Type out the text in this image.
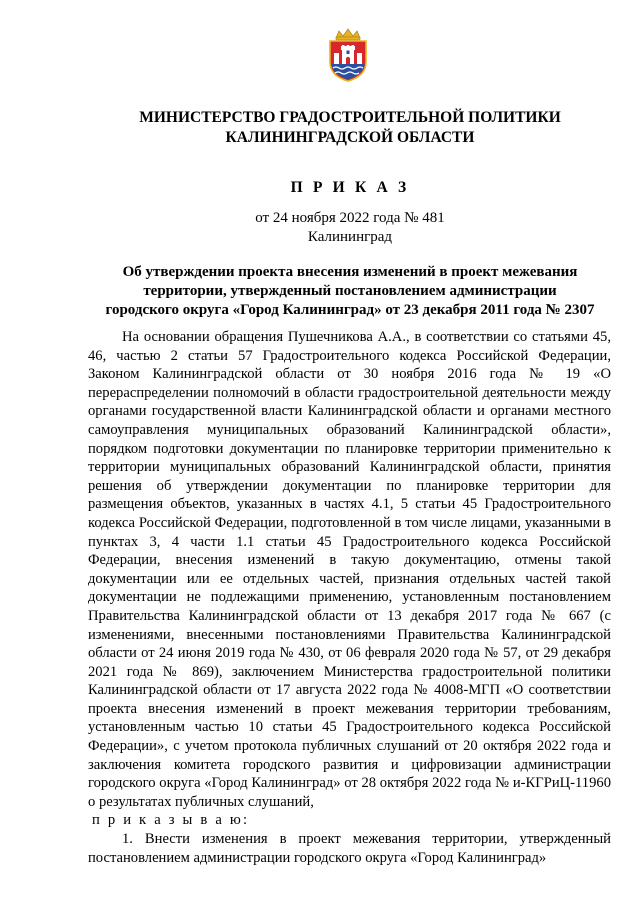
МИНИСТЕРСТВО ГРАДОСТРОИТЕЛЬНОЙ ПОЛИТИКИ
КАЛИНИНГРАДСКОЙ ОБЛАСТИ
П Р И К А З
от 24 ноября 2022 года № 481
Калининград
Об утверждении проекта внесения изменений в проект межевания
территории, утвержденный постановлением администрации
городского округа «Город Калининград» от 23 декабря 2011 года № 2307

На основании обращения Пушечникова А.А., в соответствии со статьями 45, 46, частью 2 статьи 57 Градостроительного кодекса Российской Федерации, Законом Калининградской области от 30 ноября 2016 года № 19 «О перераспределении полномочий в области градостроительной деятельности между органами государственной власти Калининградской области и органами местного самоуправления муниципальных образований Калининградской области», порядком подготовки документации по планировке территории применительно к территории муниципальных образований Калининградской области, принятия решения об утверждении документации по планировке территории для размещения объектов, указанных в частях 4.1, 5 статьи 45 Градостроительного кодекса Российской Федерации, подготовленной в том числе лицами, указанными в пунктах 3, 4 части 1.1 статьи 45 Градостроительного кодекса Российской Федерации, внесения изменений в такую документацию, отмены такой документации или ее отдельных частей, признания отдельных частей такой документации не подлежащими применению, установленным постановлением Правительства Калининградской области от 13 декабря 2017 года № 667 (с изменениями, внесенными постановлениями Правительства Калининградской области от 24 июня 2019 года № 430, от 06 февраля 2020 года № 57, от 29 декабря 2021 года № 869), заключением Министерства градостроительной политики Калининградской области от 17 августа 2022 года № 4008-МГП «О соответствии проекта внесения изменений в проект межевания территории требованиям, установленным частью 10 статьи 45 Градостроительного кодекса Российской Федерации», с учетом протокола публичных слушаний от 20 октября 2022 года и заключения комитета городского развития и цифровизации администрации городского округа «Город Калининград» от 28 октября 2022 года № и-КГРиЦ-11960 о результатах публичных слушаний,

п р и к а з ы в а ю:

1. Внести изменения в проект межевания территории, утвержденный постановлением администрации городского округа «Город Калининград»
